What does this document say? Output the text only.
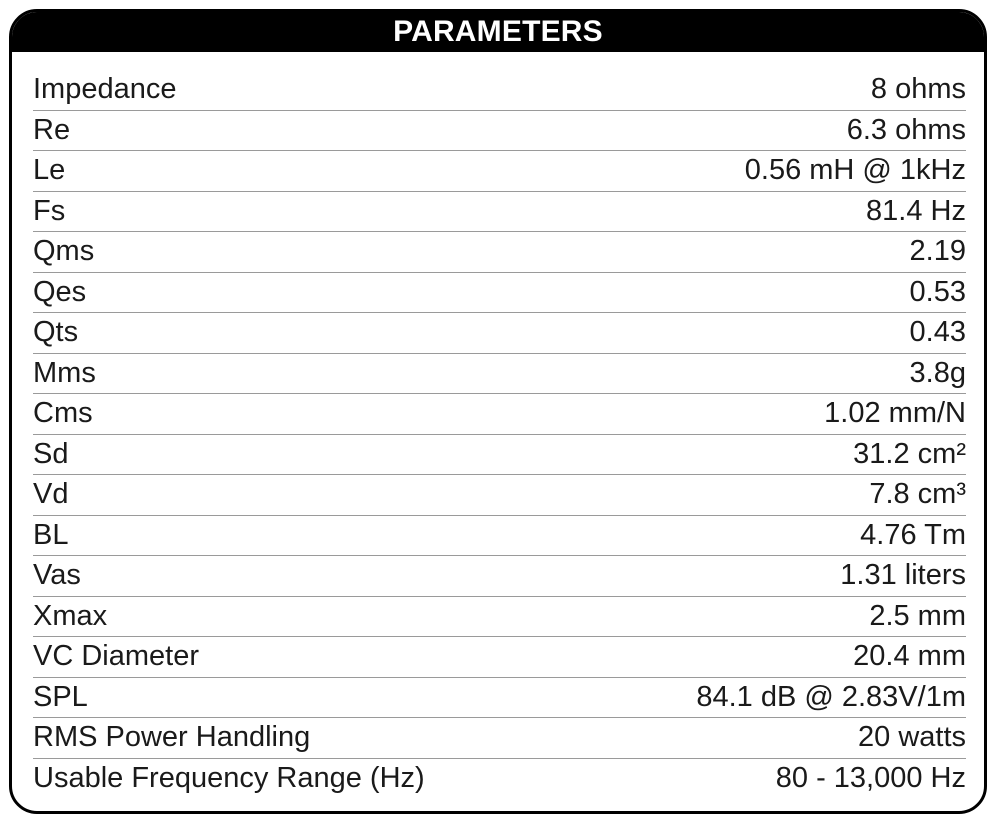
PARAMETERS
Impedance	8 ohms
Re	6.3 ohms
Le	0.56 mH @ 1kHz
Fs	81.4 Hz
Qms	2.19
Qes	0.53
Qts	0.43
Mms	3.8g
Cms	1.02 mm/N
Sd	31.2 cm²
Vd	7.8 cm³
BL	4.76 Tm
Vas	1.31 liters
Xmax	2.5 mm
VC Diameter	20.4 mm
SPL	84.1 dB @ 2.83V/1m
RMS Power Handling	20 watts
Usable Frequency Range (Hz)	80 - 13,000 Hz
